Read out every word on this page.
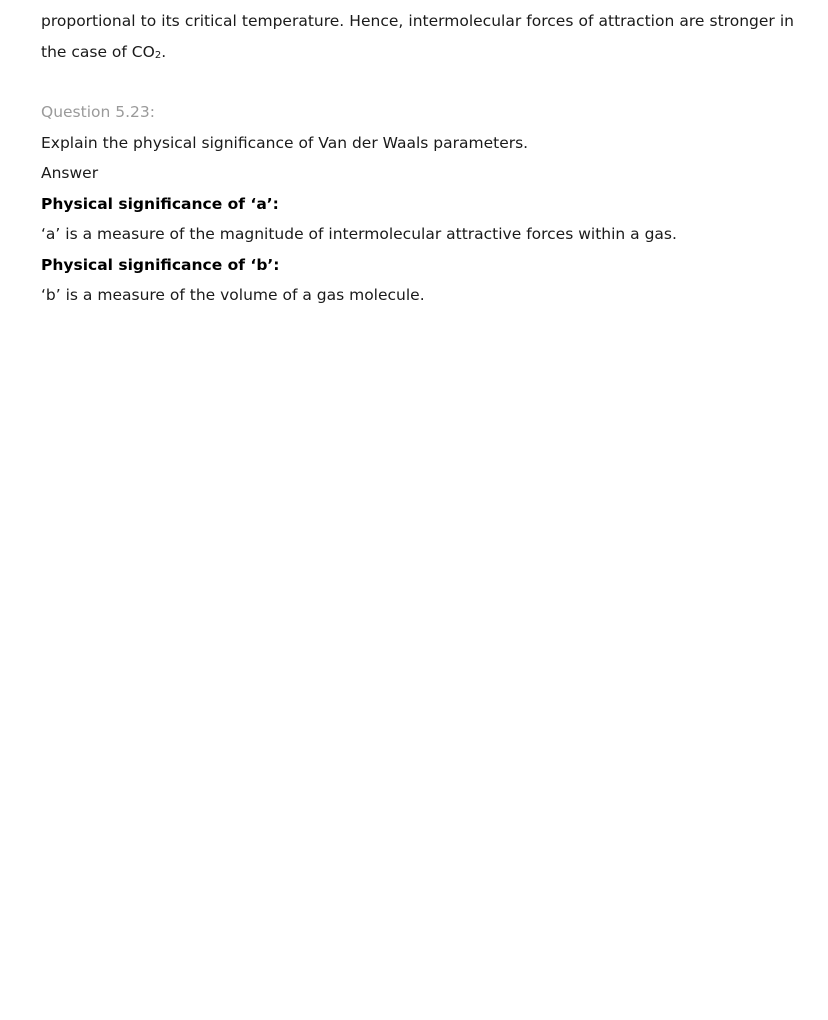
proportional to its critical temperature. Hence, intermolecular forces of attraction are stronger in the case of $CO_2$.

Question 5.23:

Explain the physical significance of Van der Waals parameters.

Answer

Physical significance of ‘a’:

‘a’ is a measure of the magnitude of intermolecular attractive forces within a gas.

Physical significance of ‘b’:

‘b’ is a measure of the volume of a gas molecule.
